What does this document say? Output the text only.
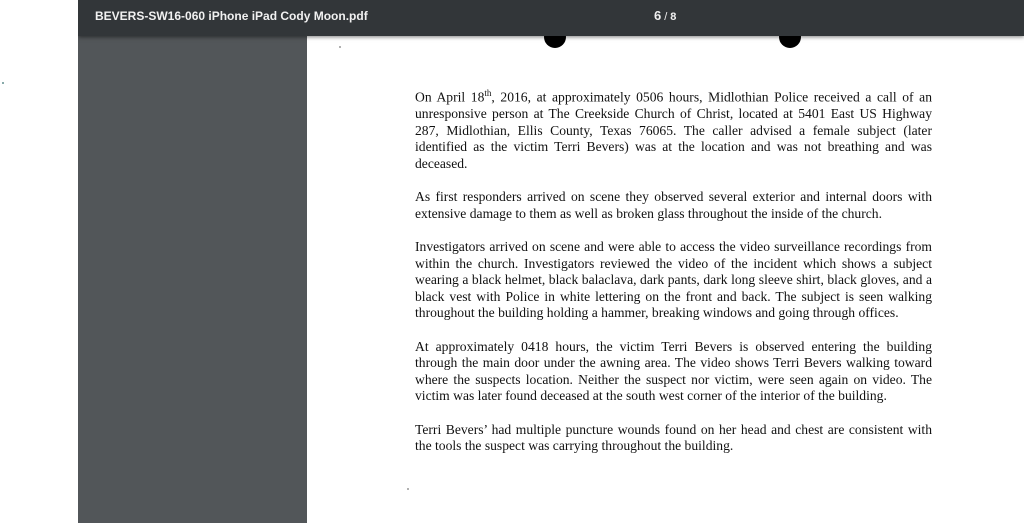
BEVERS-SW16-060 iPhone iPad Cody Moon.pdf	6 / 8

On April 18th, 2016, at approximately 0506 hours, Midlothian Police received a call of an unresponsive person at The Creekside Church of Christ, located at 5401 East US Highway 287, Midlothian, Ellis County, Texas 76065. The caller advised a female subject (later identified as the victim Terri Bevers) was at the location and was not breathing and was deceased.

As first responders arrived on scene they observed several exterior and internal doors with extensive damage to them as well as broken glass throughout the inside of the church.

Investigators arrived on scene and were able to access the video surveillance recordings from within the church. Investigators reviewed the video of the incident which shows a subject wearing a black helmet, black balaclava, dark pants, dark long sleeve shirt, black gloves, and a black vest with Police in white lettering on the front and back. The subject is seen walking throughout the building holding a hammer, breaking windows and going through offices.

At approximately 0418 hours, the victim Terri Bevers is observed entering the building through the main door under the awning area. The video shows Terri Bevers walking toward where the suspects location. Neither the suspect nor victim, were seen again on video. The victim was later found deceased at the south west corner of the interior of the building.

Terri Bevers’ had multiple puncture wounds found on her head and chest are consistent with the tools the suspect was carrying throughout the building.
